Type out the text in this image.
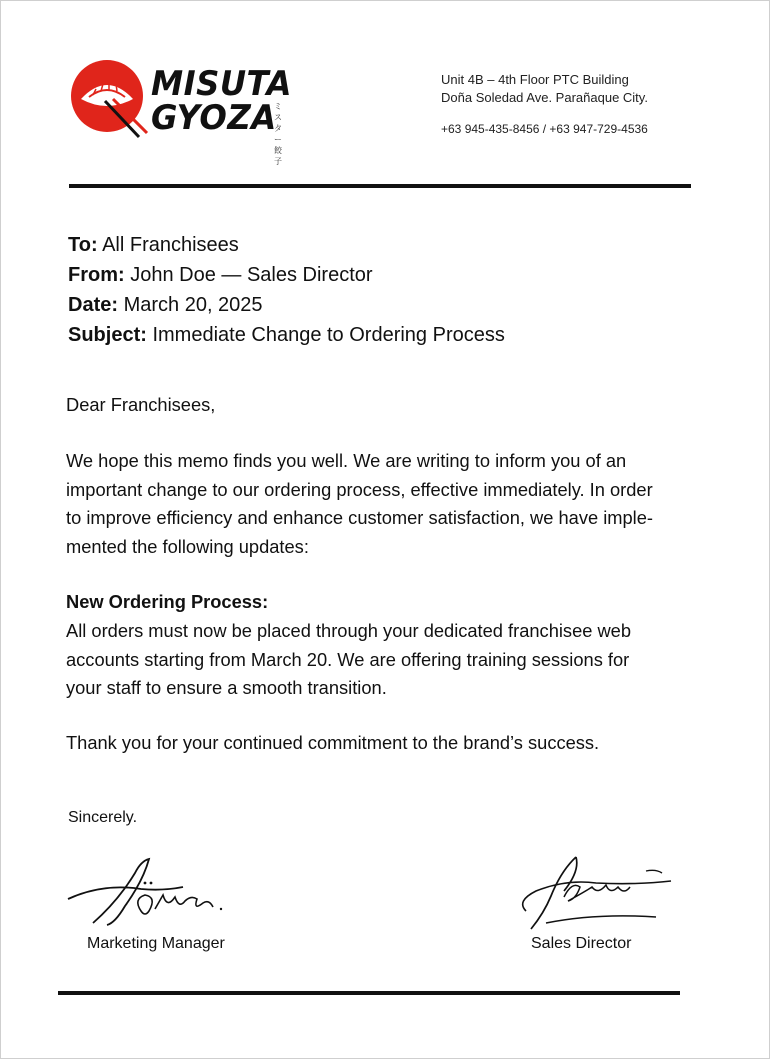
ミスター 餃子
MISUTA
GYOZA
Unit 4B – 4th Floor PTC Building
Doña Soledad Ave. Parañaque City.
+63 945-435-8456 / +63 947-729-4536
To: All Franchisees
From: John Doe — Sales Director
Date: March 20, 2025
Subject: Immediate Change to Ordering Process
Dear Franchisees,
We hope this memo finds you well. We are writing to inform you of an
important change to our ordering process, effective immediately. In order
to improve efficiency and enhance customer satisfaction, we have imple-
mented the following updates:
New Ordering Process:
All orders must now be placed through your dedicated franchisee web
accounts starting from March 20. We are offering training sessions for
your staff to ensure a smooth transition.
Thank you for your continued commitment to the brand’s success.
Sincerely.
Marketing Manager	Sales Director
